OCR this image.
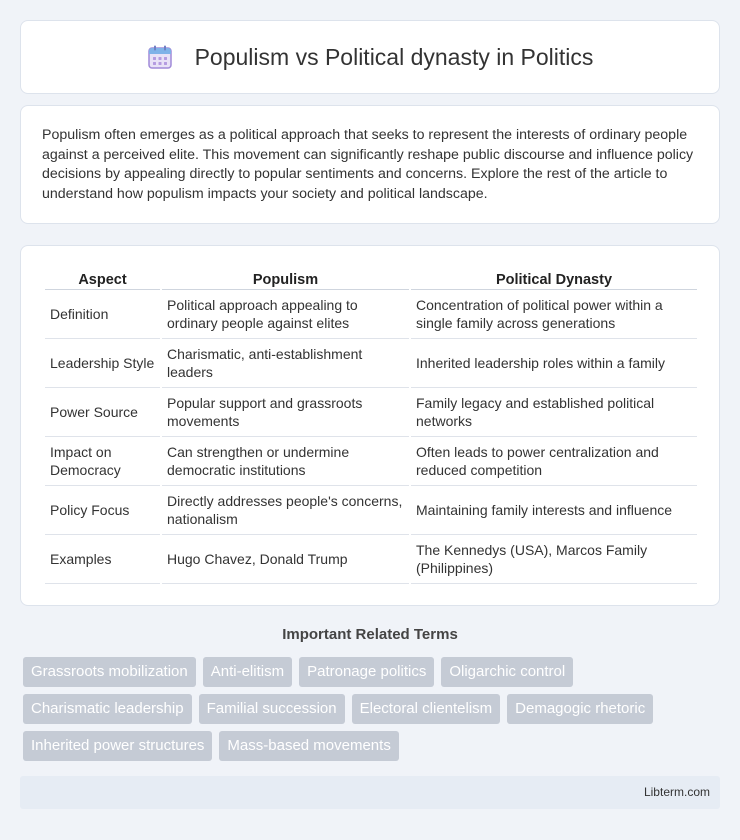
Populism vs Political dynasty in Politics

Populism often emerges as a political approach that seeks to represent the interests of ordinary people against a perceived elite. This movement can significantly reshape public discourse and influence policy decisions by appealing directly to popular sentiments and concerns. Explore the rest of the article to understand how populism impacts your society and political landscape.

Aspect	Populism	Political Dynasty
Definition	Political approach appealing to ordinary people against elites	Concentration of political power within a single family across generations
Leadership Style	Charismatic, anti-establishment leaders	Inherited leadership roles within a family
Power Source	Popular support and grassroots movements	Family legacy and established political networks
Impact on Democracy	Can strengthen or undermine democratic institutions	Often leads to power centralization and reduced competition
Policy Focus	Directly addresses people's concerns, nationalism	Maintaining family interests and influence
Examples	Hugo Chavez, Donald Trump	The Kennedys (USA), Marcos Family (Philippines)
Important Related Terms
Grassroots mobilization	Anti-elitism	Patronage politics	Oligarchic control
Charismatic leadership	Familial succession	Electoral clientelism	Demagogic rhetoric
Inherited power structures	Mass-based movements
Libterm.com
